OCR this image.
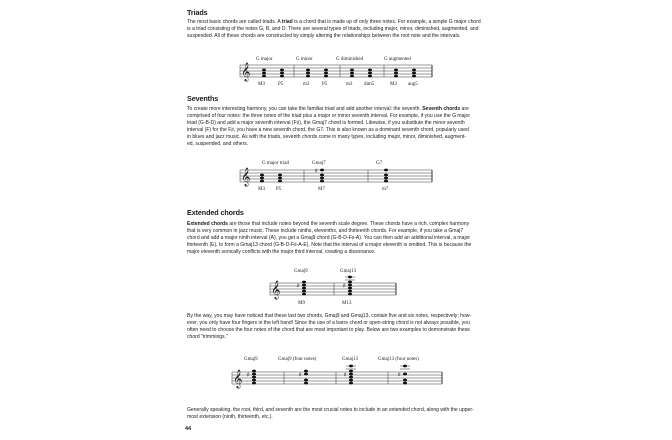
Triads
The most basic chords are called triads. A triad is a chord that is made up of only three notes. For example, a simple G major chord
is a triad consisting of the notes G, B, and D. There are several types of triads, including major, minor, diminished, augmented, and
suspended. All of these chords are constructed by simply altering the relationships between the root note and the intervals.
𝄞
G major	G minor	G diminished	G augmented
M3	P5	m3	P5	m3 dim5	M3 aug5
Sevenths
To create more interesting harmony, you can take the familiar triad and add another interval: the seventh. Seventh chords are
comprised of four notes: the three notes of the triad plus a major or minor seventh interval. For example, if you use the G major
triad (G-B-D) and add a major seventh interval (F♯), the Gmaj7 chord is formed. Likewise, if you substitute the minor seventh
interval (F) for the F♯, you have a new seventh chord, the G7. This is also known as a dominant seventh chord, popularly used
in blues and jazz music. As with the triads, seventh chords come in many types, including major, minor, diminished, augment-
ed, suspended, and others.
𝄞
G major triad	Gmaj7	G7
♯
M3 P5	M7	m7
Extended chords
Extended chords are those that include notes beyond the seventh scale degree. These chords have a rich, complex harmony
that is very common in jazz music. These include ninths, elevenths, and thirteenth chords. For example, if you take a Gmaj7
chord and add a major ninth interval (A), you get a Gmaj9 chord (G-B-D-F♯-A). You can then add an additional interval, a major
thirteenth (E), to form a Gmaj13 chord (G-B-D-F♯-A-E). Note that the interval of a major eleventh is omitted. This is because the
major eleventh sonically conflicts with the major third interval, creating a dissonance.
𝄞
Gmaj9	Gmaj13
♯	♯
M9	M13
By the way, you may have noticed that these last two chords, Gmaj9 and Gmaj13, contain five and six notes, respectively; how-
ever, you only have four fingers in the left hand! Since the use of a barre chord or open-string chord is not always possible, you
often need to choose the four notes of the chord that are most important to play. Below are two examples to demonstrate these
chord “trimmings.”
𝄞
Gmaj9	Gmaj9 (four notes)	Gmaj13	Gmaj13 (four notes)
♯	♯	♯	♯
Generally speaking, the root, third, and seventh are the most crucial notes to include in an extended chord, along with the upper-
most extension (ninth, thirteenth, etc.).
44
